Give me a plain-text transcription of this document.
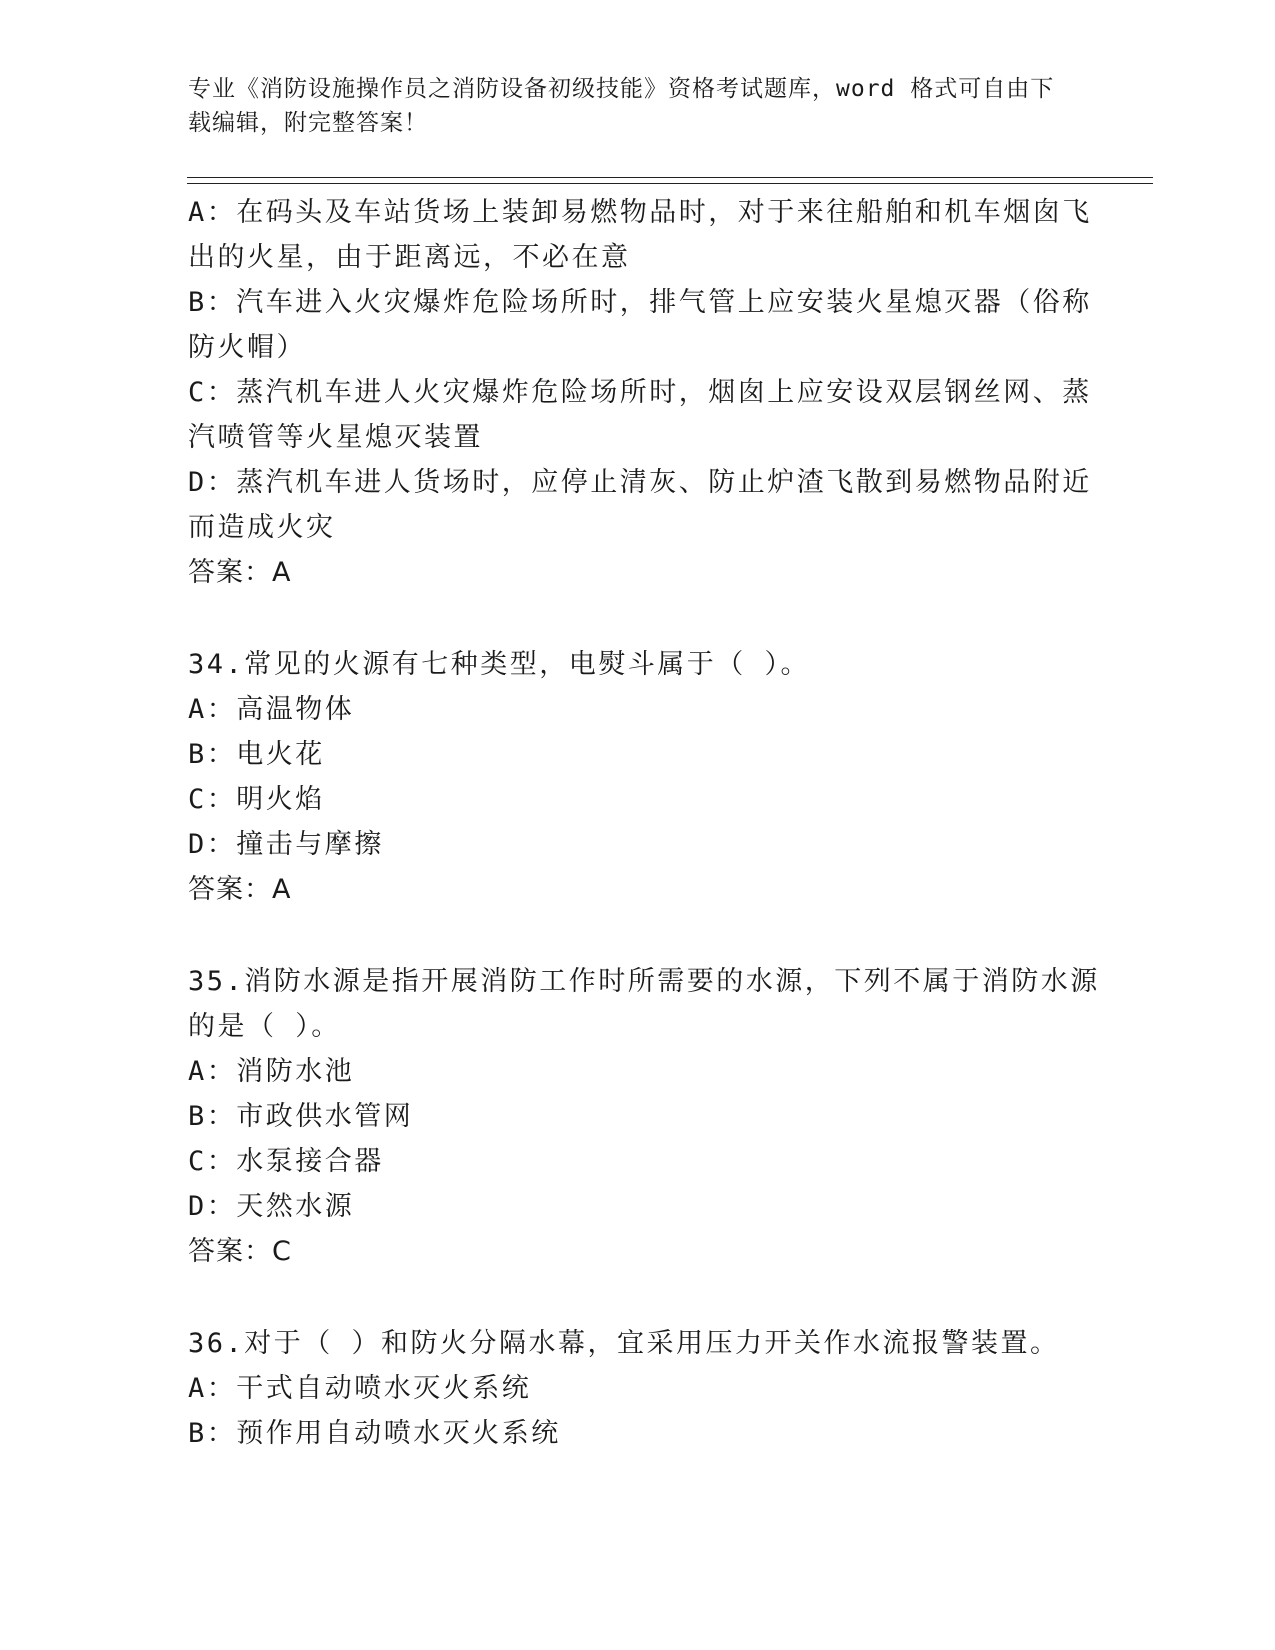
专业《消防设施操作员之消防设备初级技能》资格考试题库，word 格式可自由下
载编辑，附完整答案！
A：在码头及车站货场上装卸易燃物品时，对于来往船舶和机车烟囱飞
出的火星，由于距离远，不必在意
B：汽车进入火灾爆炸危险场所时，排气管上应安装火星熄灭器（俗称
防火帽）
C：蒸汽机车进人火灾爆炸危险场所时，烟囱上应安设双层钢丝网、蒸
汽喷管等火星熄灭装置
D：蒸汽机车进人货场时，应停止清灰、防止炉渣飞散到易燃物品附近
而造成火灾
答案：A
34.常见的火源有七种类型，电熨斗属于（ ）。
A：高温物体
B：电火花
C：明火焰
D：撞击与摩擦
答案：A
35.消防水源是指开展消防工作时所需要的水源，下列不属于消防水源
的是（ ）。
A：消防水池
B：市政供水管网
C：水泵接合器
D：天然水源
答案：C
36.对于（ ）和防火分隔水幕，宜采用压力开关作水流报警装置。
A：干式自动喷水灭火系统
B：预作用自动喷水灭火系统
